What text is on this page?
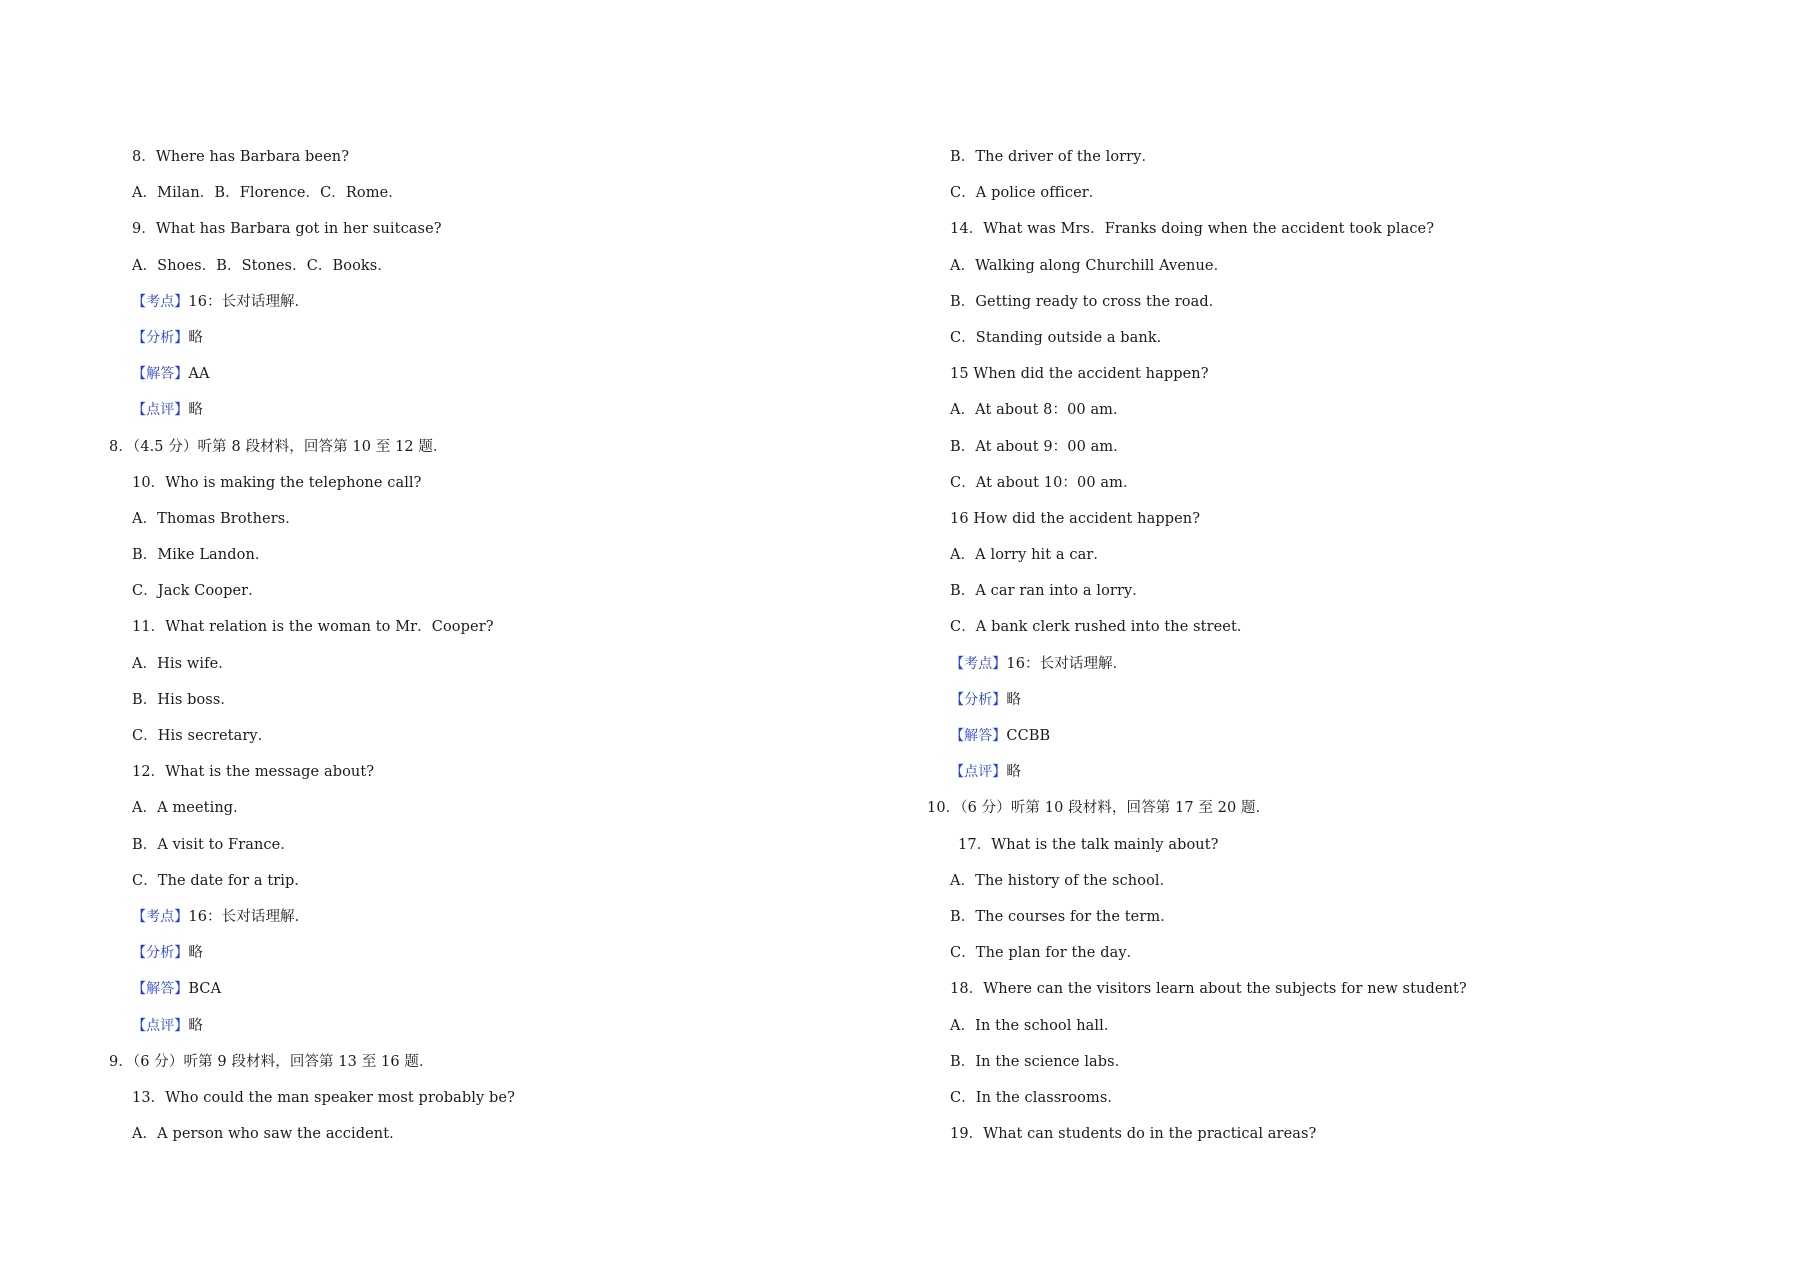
8．Where has Barbara been?
A．Milan．B．Florence．C．Rome．
9．What has Barbara got in her suitcase?
A．Shoes．B．Stones．C．Books．
【考点】16：长对话理解．
【分析】略
【解答】AA
【点评】略
8．（4.5 分）听第 8 段材料，回答第 10 至 12 题．
10．Who is making the telephone call?
A．Thomas Brothers．
B．Mike Landon．
C．Jack Cooper．
11．What relation is the woman to Mr．Cooper?
A．His wife．
B．His boss．
C．His secretary．
12．What is the message about?
A．A meeting．
B．A visit to France．
C．The date for a trip．
【考点】16：长对话理解．
【分析】略
【解答】BCA
【点评】略
9．（6 分）听第 9 段材料，回答第 13 至 16 题．
13．Who could the man speaker most probably be?
A．A person who saw the accident．
B．The driver of the lorry．
C．A police officer．
14．What was Mrs．Franks doing when the accident took place?
A．Walking along Churchill Avenue．
B．Getting ready to cross the road．
C．Standing outside a bank．
15 When did the accident happen?
A．At about 8：00 am．
B．At about 9：00 am．
C．At about 10：00 am．
16 How did the accident happen?
A．A lorry hit a car．
B．A car ran into a lorry．
C．A bank clerk rushed into the street．
【考点】16：长对话理解．
【分析】略
【解答】CCBB
【点评】略
10．（6 分）听第 10 段材料，回答第 17 至 20 题．
17．What is the talk mainly about?
A．The history of the school．
B．The courses for the term．
C．The plan for the day．
18．Where can the visitors learn about the subjects for new student?
A．In the school hall．
B．In the science labs．
C．In the classrooms．
19．What can students do in the practical areas?
